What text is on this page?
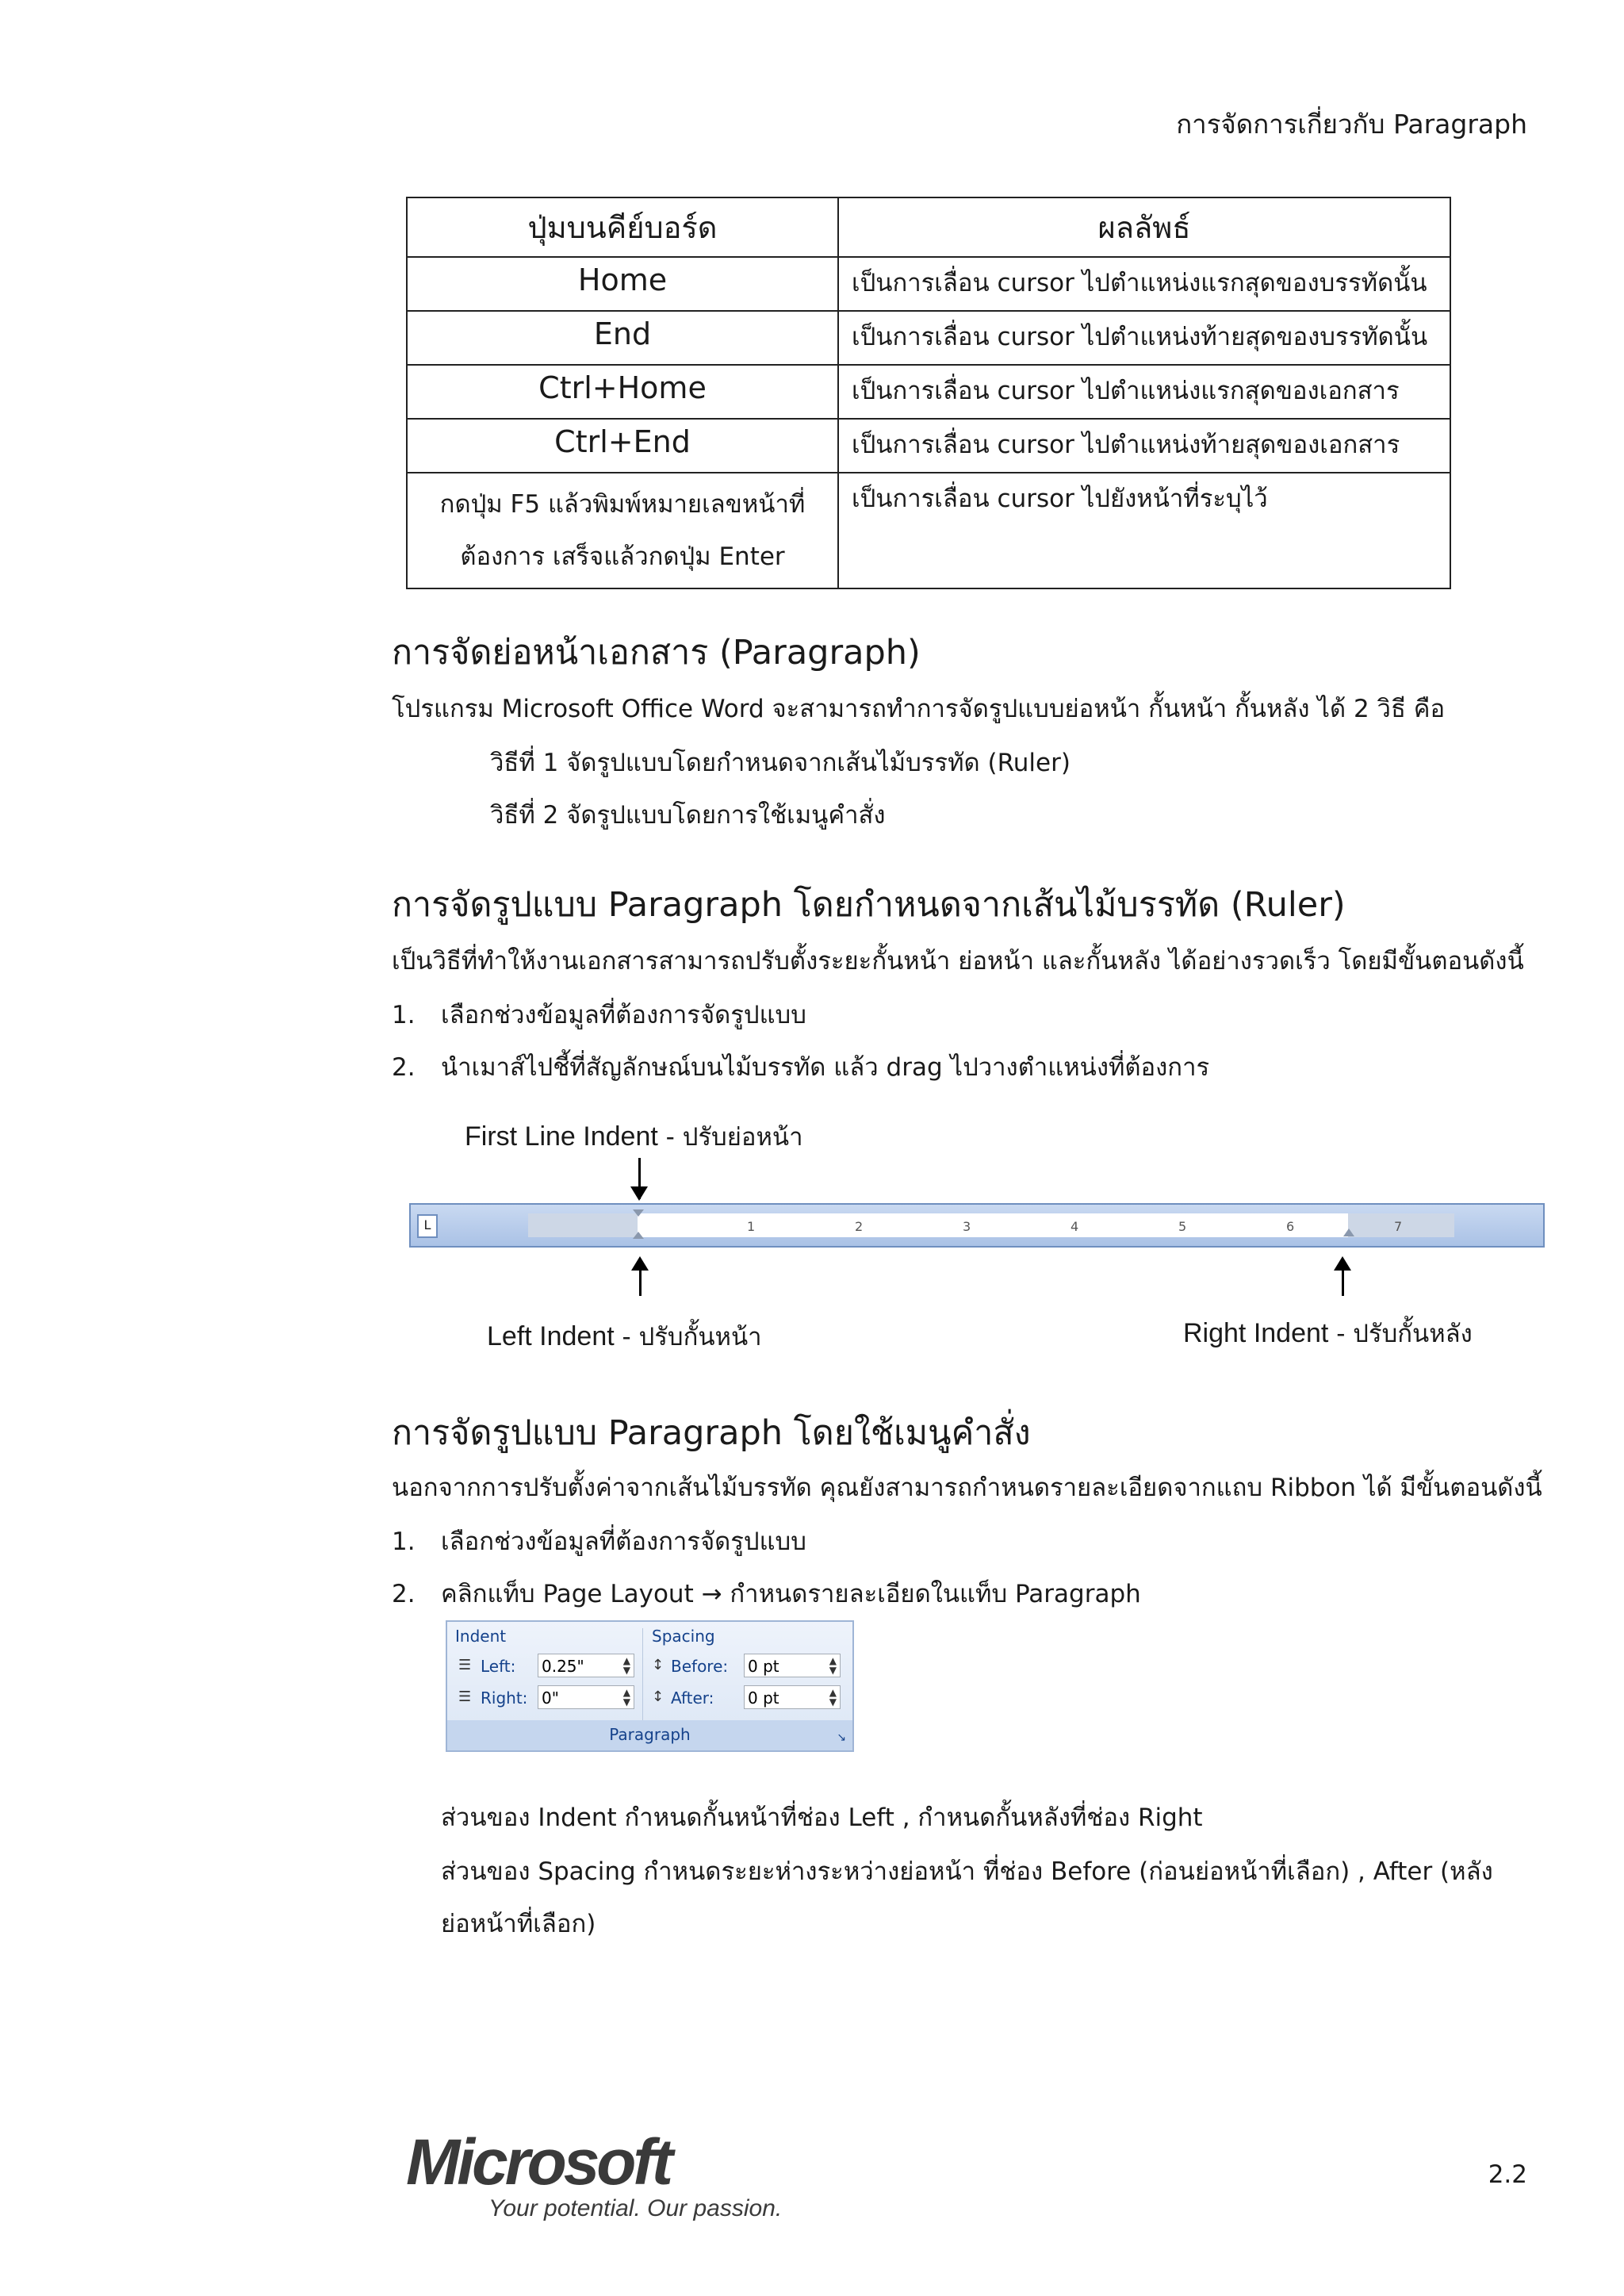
การจัดการเกี่ยวกับ Paragraph
ปุ่มบนคีย์บอร์ด	ผลลัพธ์
Home	เป็นการเลื่อน cursor ไปตำแหน่งแรกสุดของบรรทัดนั้น
End	เป็นการเลื่อน cursor ไปตำแหน่งท้ายสุดของบรรทัดนั้น
Ctrl+Home	เป็นการเลื่อน cursor ไปตำแหน่งแรกสุดของเอกสาร
Ctrl+End	เป็นการเลื่อน cursor ไปตำแหน่งท้ายสุดของเอกสาร

กดปุ่ม F5 แล้วพิมพ์หมายเลขหน้าที่
ต้องการ เสร็จแล้วกดปุ่ม Enter	เป็นการเลื่อน cursor ไปยังหน้าที่ระบุไว้
การจัดย่อหน้าเอกสาร (Paragraph)
โปรแกรม Microsoft Office Word จะสามารถทำการจัดรูปแบบย่อหน้า กั้นหน้า กั้นหลัง ได้ 2 วิธี คือ
วิธีที่ 1 จัดรูปแบบโดยกำหนดจากเส้นไม้บรรทัด (Ruler)
วิธีที่ 2 จัดรูปแบบโดยการใช้เมนูคำสั่ง
การจัดรูปแบบ Paragraph โดยกำหนดจากเส้นไม้บรรทัด (Ruler)
เป็นวิธีที่ทำให้งานเอกสารสามารถปรับตั้งระยะกั้นหน้า ย่อหน้า และกั้นหลัง ได้อย่างรวดเร็ว โดยมีขั้นตอนดังนี้
1. เลือกช่วงข้อมูลที่ต้องการจัดรูปแบบ
2. นำเมาส์ไปชี้ที่สัญลักษณ์บนไม้บรรทัด แล้ว drag ไปวางตำแหน่งที่ต้องการ
First Line Indent - ปรับย่อหน้า
L	1	2	3	4	5	6	7
Left Indent - ปรับกั้นหน้า	Right Indent - ปรับกั้นหลัง
การจัดรูปแบบ Paragraph โดยใช้เมนูคำสั่ง
นอกจากการปรับตั้งค่าจากเส้นไม้บรรทัด คุณยังสามารถกำหนดรายละเอียดจากแถบ Ribbon ได้ มีขั้นตอนดังนี้
1. เลือกช่วงข้อมูลที่ต้องการจัดรูปแบบ
2. คลิกแท็บ Page Layout → กำหนดรายละเอียดในแท็บ Paragraph
Indent	Spacing
☰ Left: 0.25"	▲
▼
☰ Right: 0"	▲
▼
↕ Before: 0 pt	▲
▼
↕ After: 0 pt	▲
▼
Paragraph	↘
ส่วนของ Indent กำหนดกั้นหน้าที่ช่อง Left , กำหนดกั้นหลังที่ช่อง Right
ส่วนของ Spacing กำหนดระยะห่างระหว่างย่อหน้า ที่ช่อง Before (ก่อนย่อหน้าที่เลือก) , After (หลัง
ย่อหน้าที่เลือก)
Microsoft
Your potential. Our passion.
2.2
